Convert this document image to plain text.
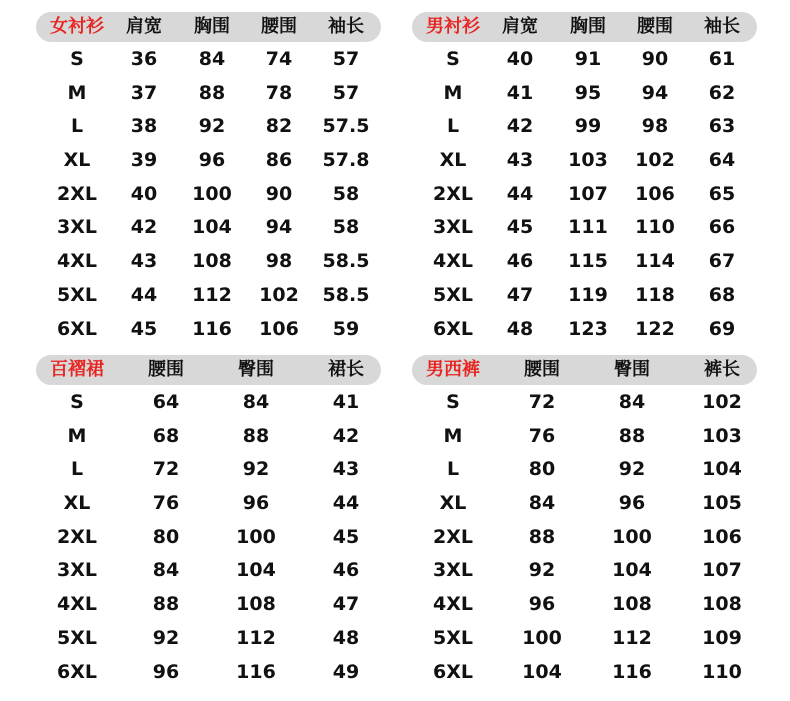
女衬衫 肩宽 胸围 腰围 袖长
S 36 84 74 57
M 37 88 78 57
L	38 92 82 57.5
XL 39 96 86 57.8
2XL 40 100 90 58
3XL 42 104 94 58
4XL 43 108 98 58.5
5XL 44 112 102 58.5
6XL 45 116 106 59
男衬衫 肩宽 胸围 腰围 袖长
S 40 91 90 61
M 41 95 94 62
L	42 99 98 63
XL 43 103 102 64
2XL 44 107 106 65
3XL 45 111 110 66
4XL 46 115 114 67
5XL 47 119 118 68
6XL 48 123 122 69
百褶裙 腰围	臀围	裙长
S	64	84	41
M	68	88	42
L	72	92	43
XL	76	96	44
2XL	80	100	45
3XL	84	104	46
4XL	88	108	47
5XL	92	112	48
6XL	96	116	49
男西裤 腰围	臀围	裤长
S	72	84	102
M	76	88	103
L	80	92	104
XL	84	96	105
2XL	88	100	106
3XL	92	104	107
4XL	96	108	108
5XL	100	112	109
6XL	104	116	110
